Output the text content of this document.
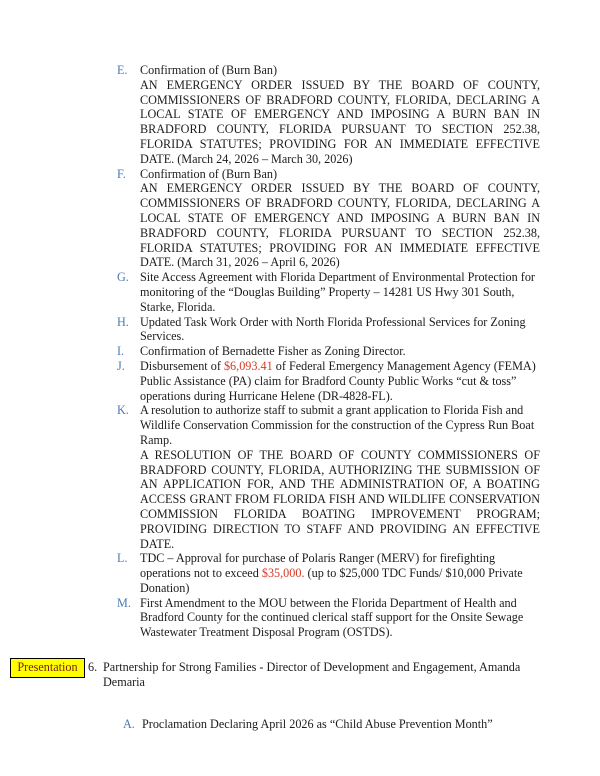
E.	Confirmation of (Burn Ban)
AN EMERGENCY ORDER ISSUED BY THE BOARD OF COUNTY, COMMISSIONERS OF BRADFORD COUNTY, FLORIDA, DECLARING A LOCAL STATE OF EMERGENCY AND IMPOSING A BURN BAN IN BRADFORD COUNTY, FLORIDA PURSUANT TO SECTION 252.38, FLORIDA STATUTES; PROVIDING FOR AN IMMEDIATE EFFECTIVE DATE. (March 24, 2026 – March 30, 2026)
F.	Confirmation of (Burn Ban)
AN EMERGENCY ORDER ISSUED BY THE BOARD OF COUNTY, COMMISSIONERS OF BRADFORD COUNTY, FLORIDA, DECLARING A LOCAL STATE OF EMERGENCY AND IMPOSING A BURN BAN IN BRADFORD COUNTY, FLORIDA PURSUANT TO SECTION 252.38, FLORIDA STATUTES; PROVIDING FOR AN IMMEDIATE EFFECTIVE DATE. (March 31, 2026 – April 6, 2026)
G. Site Access Agreement with Florida Department of Environmental Protection for monitoring of the “Douglas Building” Property – 14281 US Hwy 301 South, Starke, Florida.
H. Updated Task Work Order with North Florida Professional Services for Zoning Services.
I.	Confirmation of Bernadette Fisher as Zoning Director.
J.	Disbursement of $6,093.41 of Federal Emergency Management Agency (FEMA) Public Assistance (PA) claim for Bradford County Public Works “cut & toss” operations during Hurricane Helene (DR-4828-FL).
K. A resolution to authorize staff to submit a grant application to Florida Fish and Wildlife Conservation Commission for the construction of the Cypress Run Boat Ramp.
A RESOLUTION OF THE BOARD OF COUNTY COMMISSIONERS OF BRADFORD COUNTY, FLORIDA, AUTHORIZING THE SUBMISSION OF AN APPLICATION FOR, AND THE ADMINISTRATION OF, A BOATING ACCESS GRANT FROM FLORIDA FISH AND WILDLIFE CONSERVATION COMMISSION FLORIDA BOATING IMPROVEMENT PROGRAM; PROVIDING DIRECTION TO STAFF AND PROVIDING AN EFFECTIVE DATE.
L.	TDC – Approval for purchase of Polaris Ranger (MERV) for firefighting operations not to exceed $35,000. (up to $25,000 TDC Funds/ $10,000 Private Donation)
M. First Amendment to the MOU between the Florida Department of Health and Bradford County for the continued clerical staff support for the Onsite Sewage Wastewater Treatment Disposal Program (OSTDS).
Presentation 6. Partnership for Strong Families - Director of Development and Engagement, Amanda Demaria
A. Proclamation Declaring April 2026 as “Child Abuse Prevention Month”
